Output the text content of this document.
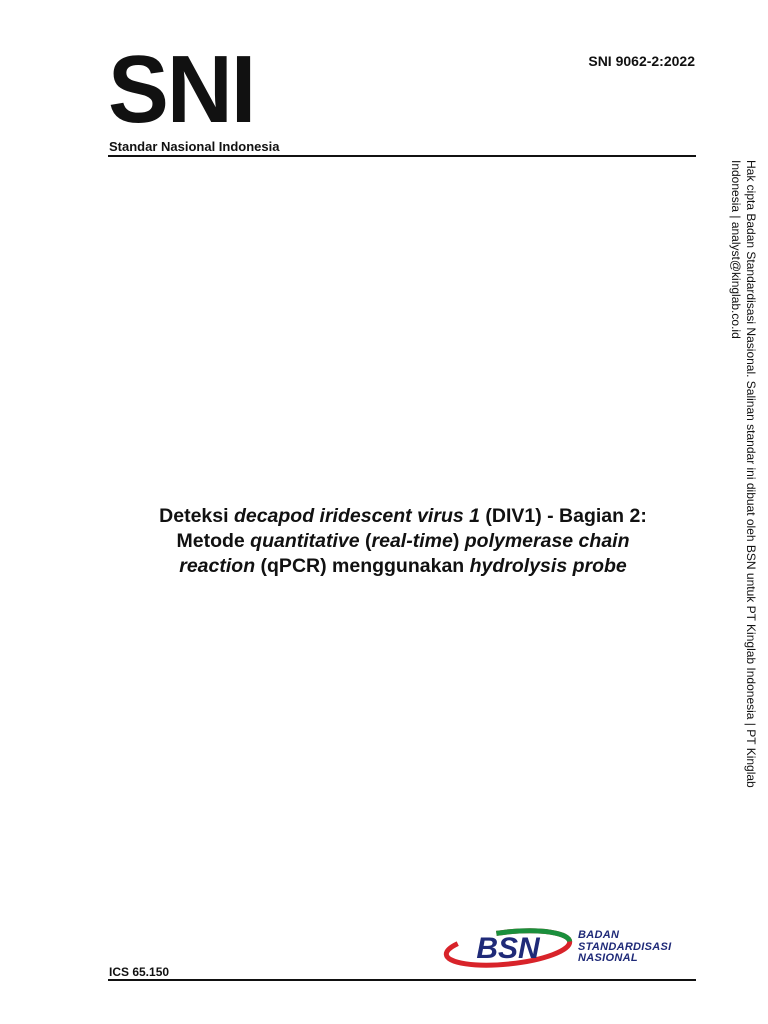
SNI
Standar Nasional Indonesia
SNI 9062-2:2022
Hak cipta Badan Standardisasi Nasional. Salinan standar ini dibuat oleh BSN untuk PT Kinglab Indonesia | PT Kinglab
Indonesia | analyst@kinglab.co.id
Deteksi decapod iridescent virus 1 (DIV1) - Bagian 2:
Metode quantitative (real-time) polymerase chain
reaction (qPCR) menggunakan hydrolysis probe
BSN	BADAN
STANDARDISASI
NASIONAL
ICS 65.150
